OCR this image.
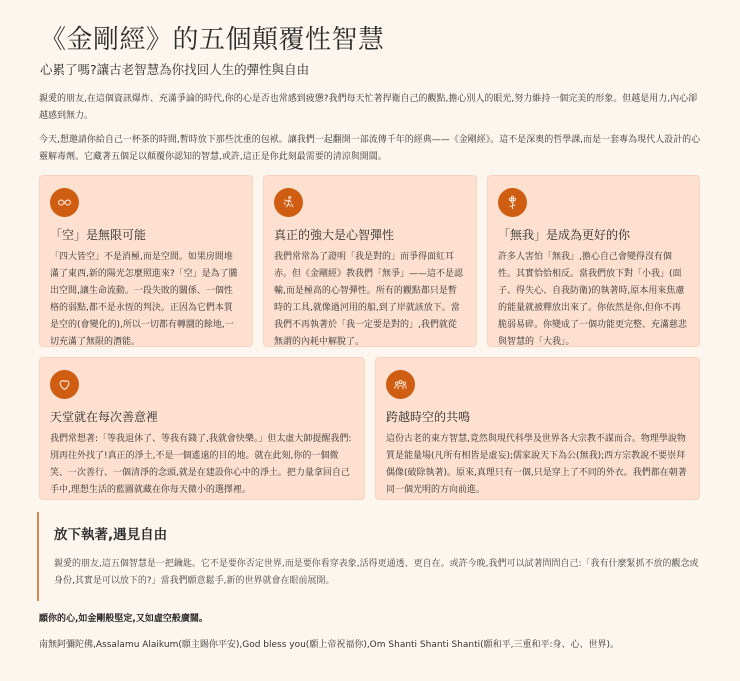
《金剛經》的五個顛覆性智慧
心累了嗎?讓古老智慧為你找回人生的彈性與自由

親愛的朋友,在這個資訊爆炸、充滿爭論的時代,你的心是否也常感到疲憊?我們每天忙著捍衛自己的觀點,擔心別人的眼光,努力維持一個完美的形象。但越是用力,內心卻越感到無力。

今天,想邀請你給自己一杯茶的時間,暫時放下那些沈重的包袱。讓我們一起翻開一部流傳千年的經典——《金剛經》。這不是深奧的哲學課,而是一套專為現代人設計的心靈解毒劑。它藏著五個足以顛覆你認知的智慧,或許,這正是你此刻最需要的清涼與開闊。

「空」是無限可能

「四大皆空」不是消極,而是空間。如果房間堆滿了東西,新的陽光怎麼照進來?「空」是為了騰出空間,讓生命流動。一段失敗的關係、一個性格的弱點,都不是永恆的判決。正因為它們本質是空的(會變化的),所以一切都有轉圜的餘地,一切充滿了無限的潛能。

真正的強大是心智彈性

我們常常為了證明「我是對的」而爭得面紅耳赤。但《金剛經》教我們「無爭」——這不是認輸,而是極高的心智彈性。所有的觀點都只是暫時的工具,就像過河用的船,到了岸就該放下。當我們不再執著於「我一定要是對的」,我們就從無謂的內耗中解脫了。

「無我」是成為更好的你

許多人害怕「無我」,擔心自己會變得沒有個性。其實恰恰相反。當我們放下對「小我」(面子、得失心、自我防衛)的執著時,原本用來焦慮的能量就被釋放出來了。你依然是你,但你不再脆弱易碎。你變成了一個功能更完整、充滿慈悲與智慧的「大我」。

天堂就在每次善意裡

我們常想著:「等我退休了、等我有錢了,我就會快樂。」但太虛大師提醒我們:別再往外找了!真正的淨土,不是一個遙遠的目的地。就在此刻,你的一個微笑、一次善行、一個清淨的念頭,就是在建設你心中的淨土。把力量拿回自己手中,理想生活的藍圖就藏在你每天微小的選擇裡。

跨越時空的共鳴

這份古老的東方智慧,竟然與現代科學及世界各大宗教不謀而合。物理學說物質是能量場(凡所有相皆是虛妄);儒家說天下為公(無我);西方宗教說不要崇拜偶像(破除執著)。原來,真理只有一個,只是穿上了不同的外衣。我們都在朝著同一個光明的方向前進。

放下執著,遇見自由

親愛的朋友,這五個智慧是一把鑰匙。它不是要你否定世界,而是要你看穿表象,活得更通透、更自在。或許今晚,我們可以試著問問自己:「我有什麼緊抓不放的觀念或身份,其實是可以放下的?」當我們願意鬆手,新的世界就會在眼前展開。

願你的心,如金剛般堅定,又如虛空般廣闊。

南無阿彌陀佛,Assalamu Alaikum(願主賜你平安),God bless you(願上帝祝福你),Om Shanti Shanti Shanti(願和平,三重和平:身、心、世界)。
